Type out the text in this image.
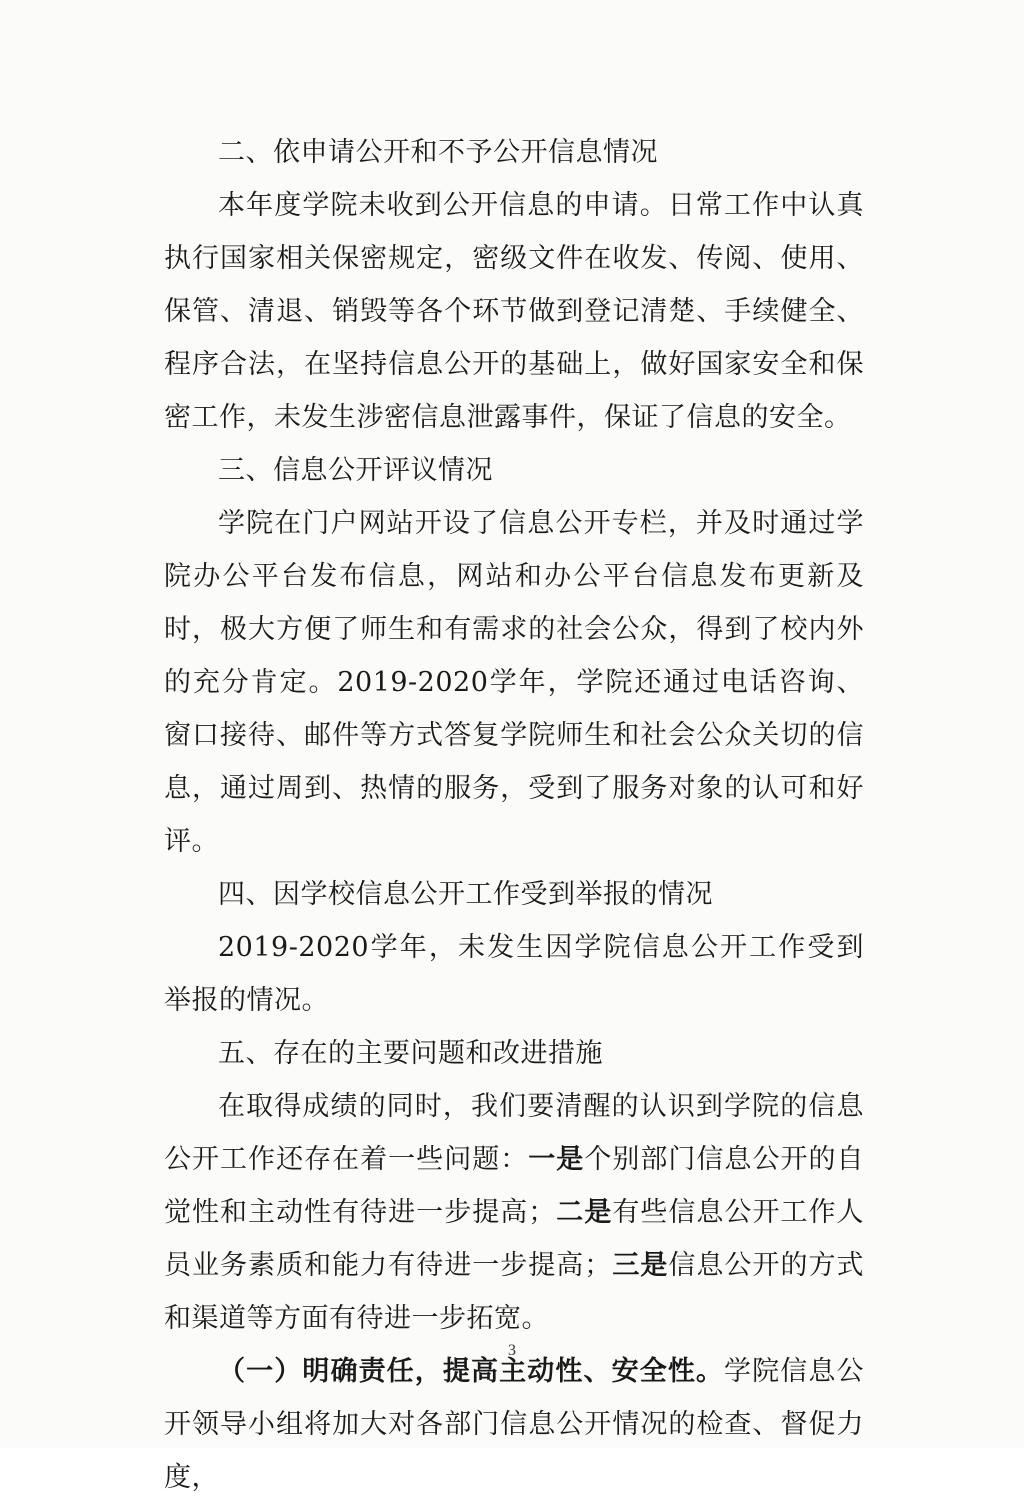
二、依申请公开和不予公开信息情况
本年度学院未收到公开信息的申请。日常工作中认真执行国家相关保密规定，密级文件在收发、传阅、使用、保管、清退、销毁等各个环节做到登记清楚、手续健全、程序合法，在坚持信息公开的基础上，做好国家安全和保密工作，未发生涉密信息泄露事件，保证了信息的安全。
三、信息公开评议情况
学院在门户网站开设了信息公开专栏，并及时通过学院办公平台发布信息，网站和办公平台信息发布更新及时，极大方便了师生和有需求的社会公众，得到了校内外的充分肯定。2019-2020学年，学院还通过电话咨询、窗口接待、邮件等方式答复学院师生和社会公众关切的信息，通过周到、热情的服务，受到了服务对象的认可和好评。
四、因学校信息公开工作受到举报的情况
2019-2020学年，未发生因学院信息公开工作受到举报的情况。
五、存在的主要问题和改进措施
在取得成绩的同时，我们要清醒的认识到学院的信息公开工作还存在着一些问题：一是个别部门信息公开的自觉性和主动性有待进一步提高；二是有些信息公开工作人员业务素质和能力有待进一步提高；三是信息公开的方式和渠道等方面有待进一步拓宽。
（一）明确责任，提高主动性、安全性。学院信息公开领导小组将加大对各部门信息公开情况的检查、督促力度，
3
